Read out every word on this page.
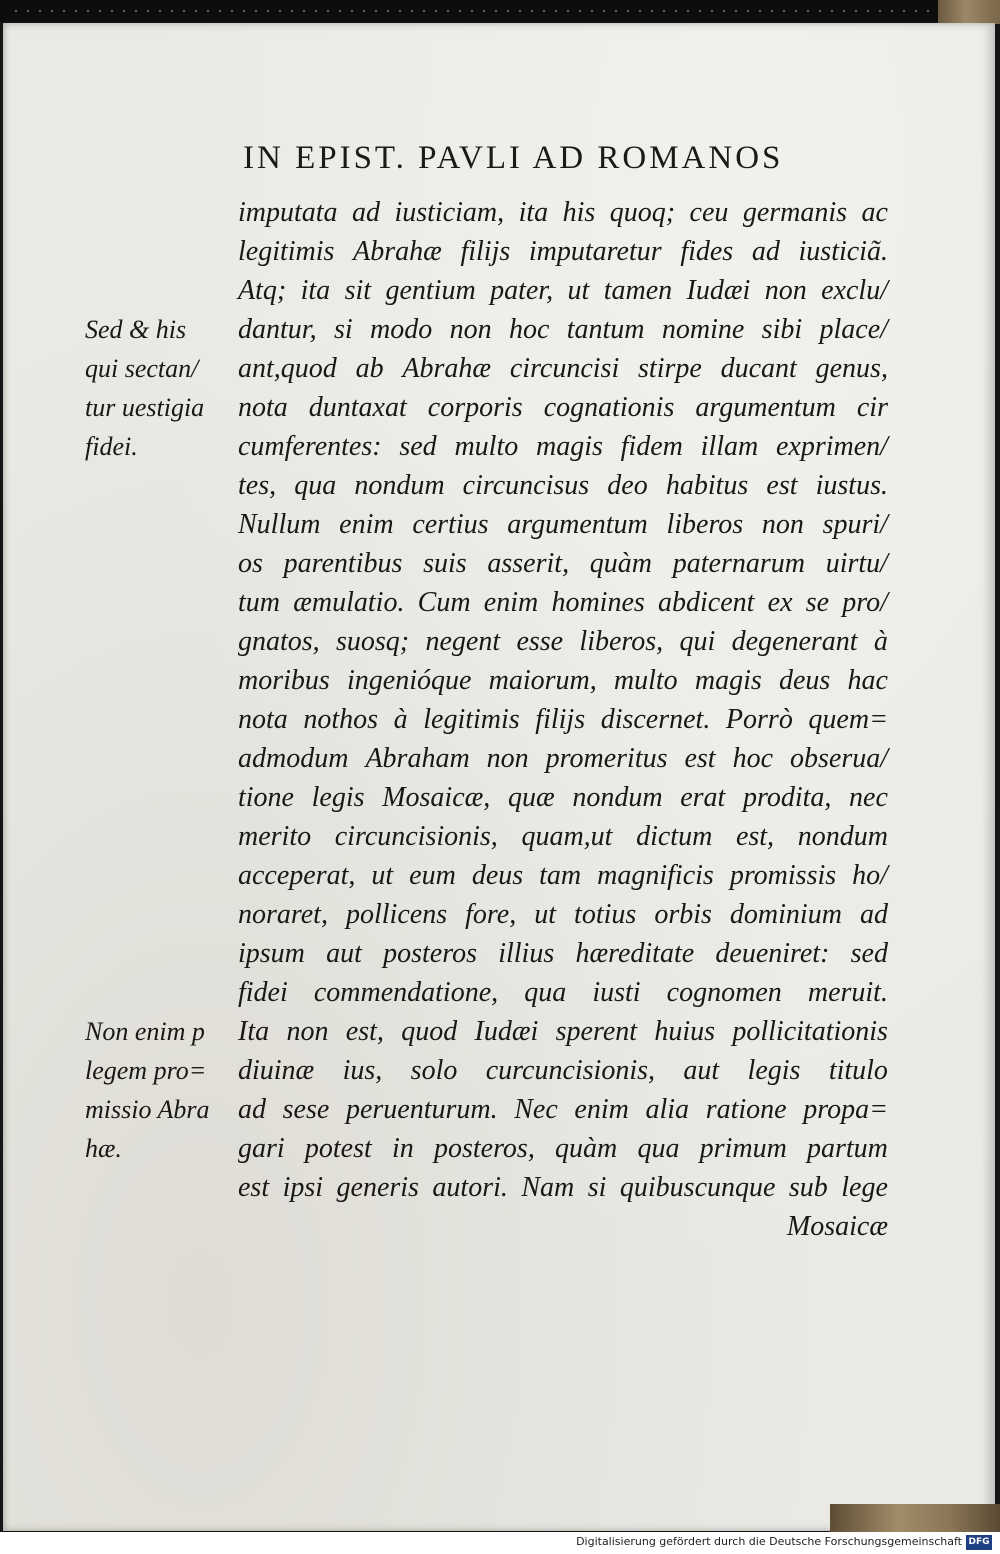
IN EPIST. PAVLI AD ROMANOS
imputata ad iusticiam, ita his quoq; ceu germanis ac
legitimis Abrahæ filijs imputaretur fides ad iusticiã.
Atq; ita sit gentium pater, ut tamen Iudæi non exclu/
dantur, si modo non hoc tantum nomine sibi place/
ant,quod ab Abrahæ circuncisi stirpe ducant genus,
nota duntaxat corporis cognationis argumentum cir
cumferentes: sed multo magis fidem illam exprimen/
tes, qua nondum circuncisus deo habitus est iustus.
Nullum enim certius argumentum liberos non spuri/
os parentibus suis asserit, quàm paternarum uirtu/
tum æmulatio. Cum enim homines abdicent ex se pro/
gnatos, suosq; negent esse liberos, qui degenerant à
moribus ingenióque maiorum, multo magis deus hac
nota nothos à legitimis filijs discernet. Porrò quem=
admodum Abraham non promeritus est hoc obserua/
tione legis Mosaicæ, quæ nondum erat prodita, nec
merito circuncisionis, quam,ut dictum est, nondum
acceperat, ut eum deus tam magnificis promissis ho/
noraret, pollicens fore, ut totius orbis dominium ad
ipsum aut posteros illius hæreditate deueniret: sed
fidei commendatione, qua iusti cognomen meruit.
Ita non est, quod Iudæi sperent huius pollicitationis
diuinæ ius, solo curcuncisionis, aut legis titulo
ad sese peruenturum. Nec enim alia ratione propa=
gari potest in posteros, quàm qua primum partum
est ipsi generis autori. Nam si quibuscunque sub lege
Mosaicæ
Sed & his
qui sectan/
tur uestigia
fidei.
Non enim p
legem pro=
missio Abra
hæ.
Digitalisierung gefördert durch die Deutsche Forschungsgemeinschaft DFG
